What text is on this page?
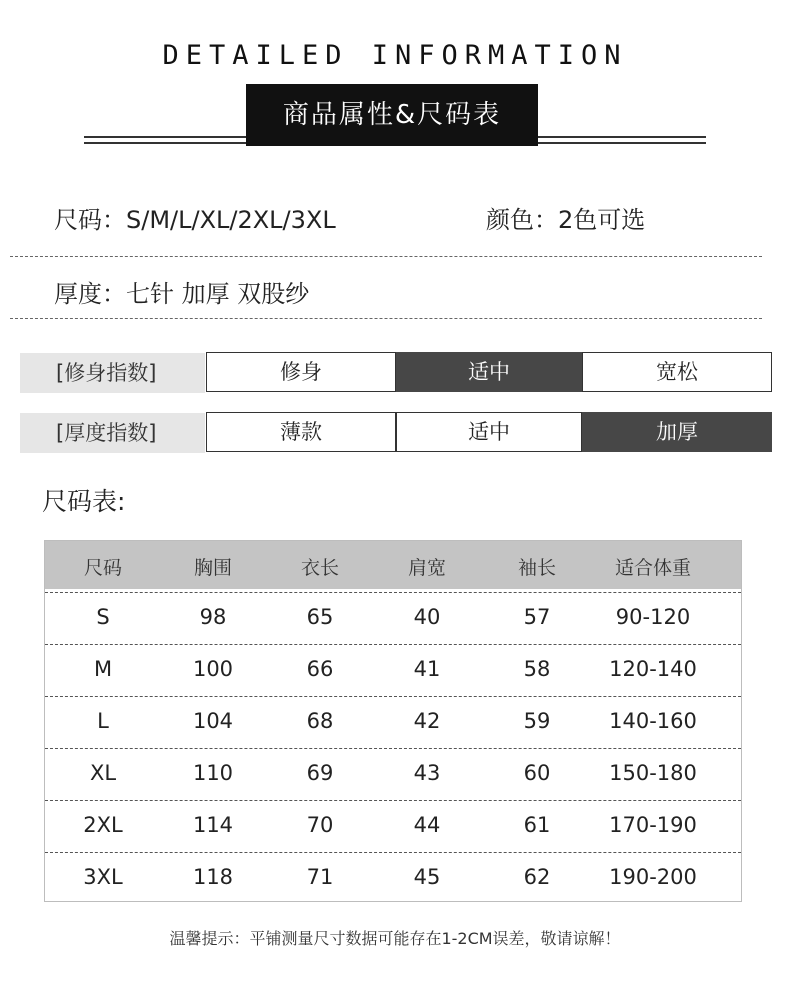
DETAILED INFORMATION
商品属性&尺码表
尺码：S/M/L/XL/2XL/3XL	颜色：2色可选
厚度：七针 加厚 双股纱
[修身指数]	修身	适中	宽松
[厚度指数]	薄款	适中	加厚
尺码表:
尺码	胸围	衣长	肩宽	袖长	适合体重
S	98	65	40	57	90-120
M	100	66	41	58	120-140
L	104	68	42	59	140-160
XL	110	69	43	60	150-180
2XL	114	70	44	61	170-190
3XL	118	71	45	62	190-200
温馨提示：平铺测量尺寸数据可能存在1-2CM误差，敬请谅解！
